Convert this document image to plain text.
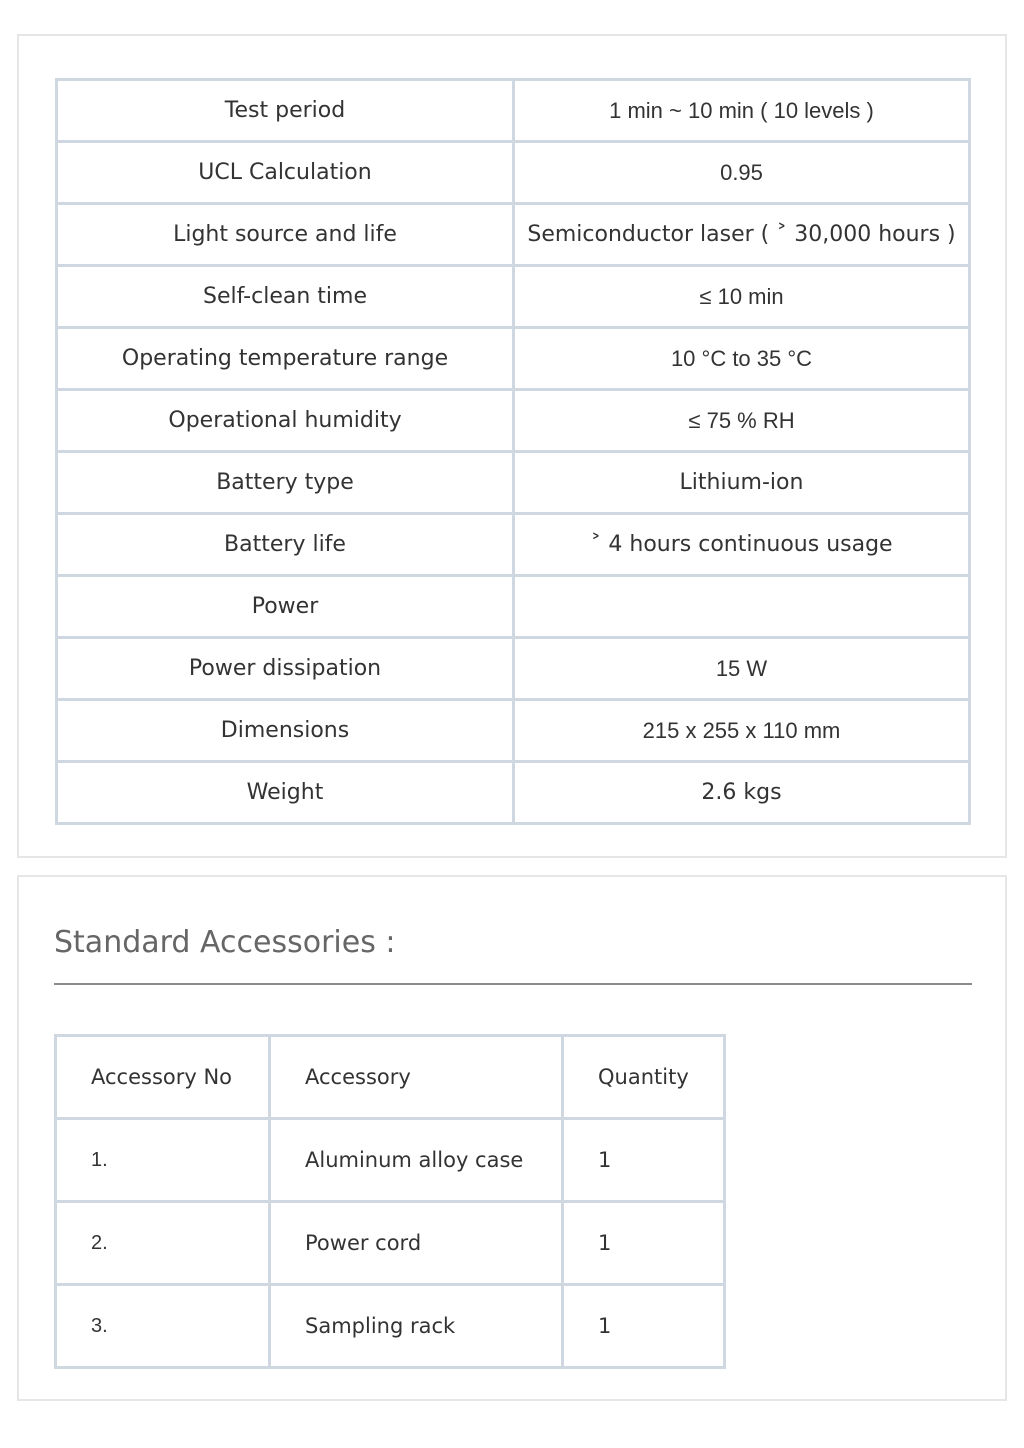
Test period	1 min ~ 10 min ( 10 levels )
UCL Calculation	0.95
Light source and life	Semiconductor laser ( ˃ 30,000 hours )
Self-clean time	≤ 10 min
Operating temperature range	10 °C to 35 °C
Operational humidity	≤ 75 % RH
Battery type	Lithium-ion
Battery life	˃ 4 hours continuous usage
Power	
Power dissipation	15 W
Dimensions	215 x 255 x 110 mm
Weight	2.6 kgs
Standard Accessories :
Accessory No	Accessory	Quantity
1.	Aluminum alloy case	1
2.	Power cord	1
3.	Sampling rack	1
